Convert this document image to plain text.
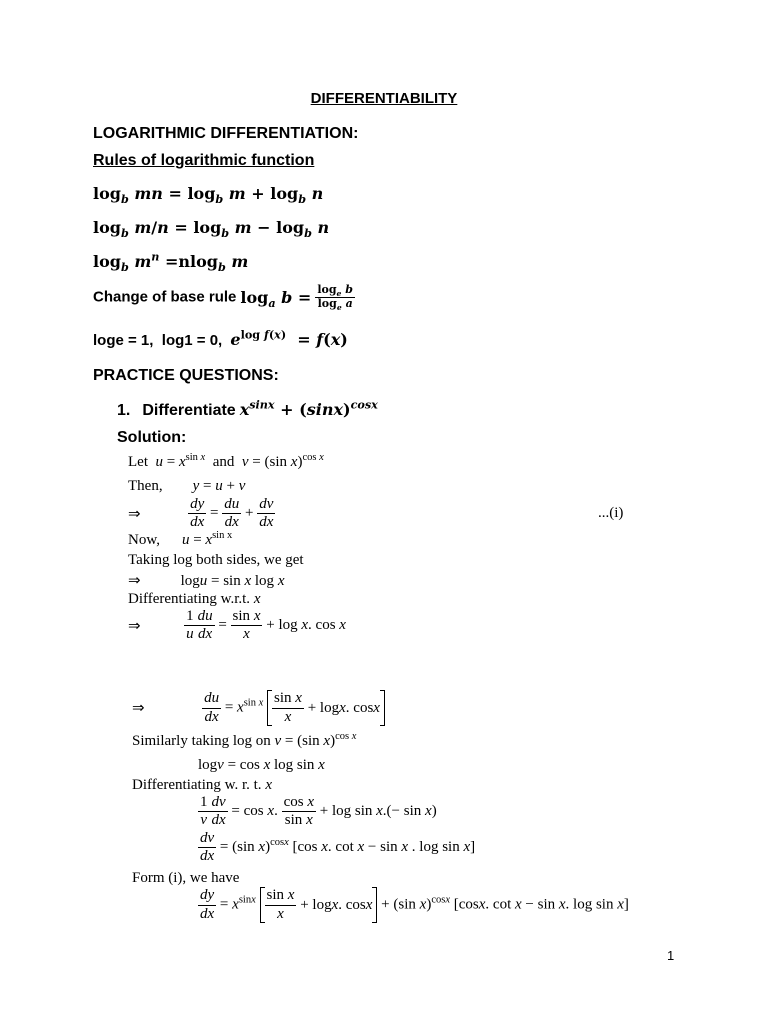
DIFFERENTIABILITY
LOGARITHMIC DIFFERENTIATION:
Rules of logarithmic function
$\log_b$ mn = $\log_b m + \log_b n$
$\log_b m/n = \log_b m - \log_b n$
$\log_b m^n =nlog_b$ m
Change of base rule $\log_a b = \frac{\log_e b}{\log_e a}$
loge = 1,  log1 = 0,  $e^{log f(x)} = f(x)$
PRACTICE QUESTIONS:
1. Differentiate $x^{sinx} + (\sin x)^{cosx}$
Solution:
Let $u = x^{sin x}$ and v = (sin x)$^{cos x}$
Then, y = u + v
⇒	$\frac{dy}{dx} = \frac{du}{dx} + \frac{dv}{dx}$	...(i)
Now, $u = x^{sin x}$
Taking log both sides, we get
⇒	logu = sin x log x
Differentiating w.r.t. x
⇒	$\frac{1}{u} \frac{du}{dx} = \frac{\text{sin x}}{x} + \log x$. cos x
⇒	$\frac{du}{dx} = x^{sin x} \frac{\text{sin x}}{x} + \log x$ . cos x
Similarly taking log on v = (sin x)$^{cos x}$
logv = cos x log sin x
Differentiating w. r. t. x
$\frac{1}{v} \frac{dv}{dx} = \cos x$. $\frac{\text{cos x}}{\text{sin x}} + \log \sin x.(- \sin x)$
$\frac{dv}{dx} = (\sin$ x)$^{cosx}$ [cos x. cot x − sin x . log sin x]
Form (i), we have
$\frac{dy}{dx} = x^{sinx} \frac{\text{sin x}}{x} + \log x$ . cos x + (sin x)$^{cosx}$ [cosx. cot x − sin x. log sin x]
1
